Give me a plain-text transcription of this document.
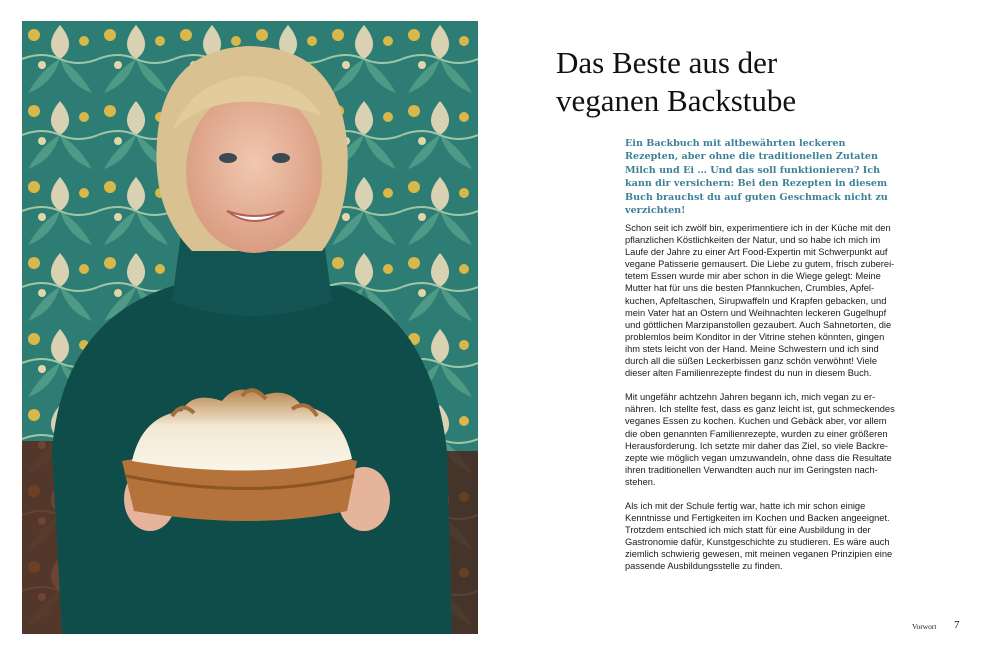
Das Beste aus der
veganen Backstube

Ein Backbuch mit altbewährten leckeren Rezepten, aber ohne die traditionellen Zutaten Milch und Ei … Und das soll funktionieren? Ich kann dir versichern: Bei den Rezepten in diesem Buch brauchst du auf guten Geschmack nicht zu verzichten!

Schon seit ich zwölf bin, experimentiere ich in der Küche mit den pflanzlichen Köstlichkeiten der Natur, und so habe ich mich im Laufe der Jahre zu einer Art Food-Expertin mit Schwerpunkt auf vegane Patisserie gemausert. Die Liebe zu gutem, frisch zubereitetem Essen wurde mir aber schon in die Wiege gelegt: Meine Mutter hat für uns die besten Pfannkuchen, Crumbles, Apfelkuchen, Apfeltaschen, Sirupwaffeln und Krapfen gebacken, und mein Vater hat an Ostern und Weihnachten leckeren Gugelhupf und göttlichen Marzipanstollen gezaubert. Auch Sahnetorten, die problemlos beim Konditor in der Vitrine stehen könnten, gingen ihm stets leicht von der Hand. Meine Schwestern und ich sind durch all die süßen Leckerbissen ganz schön verwöhnt! Viele dieser alten Familienrezepte findest du nun in diesem Buch.

Mit ungefähr achtzehn Jahren begann ich, mich vegan zu ernähren. Ich stellte fest, dass es ganz leicht ist, gut schmeckendes veganes Essen zu kochen. Kuchen und Gebäck aber, vor allem die oben genannten Familienrezepte, wurden zu einer größeren Herausforderung. Ich setzte mir daher das Ziel, so viele Backrezepte wie möglich vegan umzuwandeln, ohne dass die Resultate ihren traditionellen Verwandten auch nur im Geringsten nachstehen.

Als ich mit der Schule fertig war, hatte ich mir schon einige Kenntnisse und Fertigkeiten im Kochen und Backen angeeignet. Trotzdem entschied ich mich statt für eine Ausbildung in der Gastronomie dafür, Kunstgeschichte zu studieren. Es wäre auch ziemlich schwierig gewesen, mit meinen veganen Prinzipien eine passende Ausbildungsstelle zu finden.

Vorwort 7
